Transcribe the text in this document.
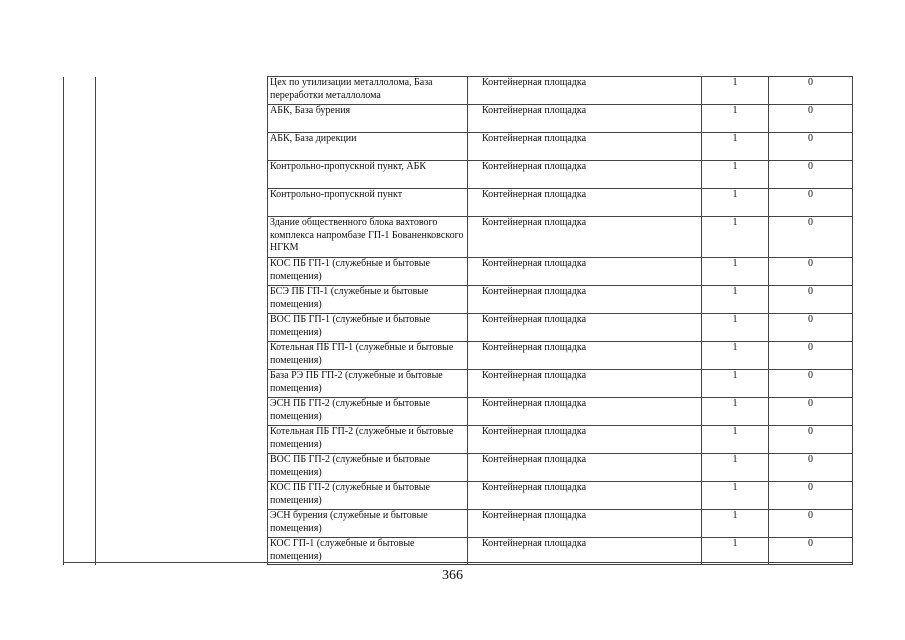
		Цех по утилизации металлолома, База переработки металлолома	Контейнерная площадка	1	0	

		АБК, База бурения	Контейнерная площадка	1	0	

		АБК, База дирекции	Контейнерная площадка	1	0	

		Контрольно-пропускной пункт, АБК	Контейнерная площадка	1	0	

		Контрольно-пропускной пункт	Контейнерная площадка	1	0	

		Здание общественного блока вахтового комплекса нaпромбазе ГП-1 Бованенковского НГКМ	Контейнерная площадка	1	0	

		КОС ПБ ГП-1 (служебные и бытовые помещения)	Контейнерная площадка	1	0	

		БСЭ ПБ ГП-1 (служебные и бытовые помещения)	Контейнерная площадка	1	0	

		ВОС ПБ ГП-1 (служебные и бытовые помещения)	Контейнерная площадка	1	0	

		Котельная ПБ ГП-1 (служебные и бытовые помещения)	Контейнерная площадка	1	0	

		База РЭ ПБ ГП-2 (служебные и бытовые помещения)	Контейнерная площадка	1	0	

		ЭСН ПБ ГП-2 (служебные и бытовые помещения)	Контейнерная площадка	1	0	

		Котельная ПБ ГП-2 (служебные и бытовые помещения)	Контейнерная площадка	1	0	

		ВОС ПБ ГП-2 (служебные и бытовые помещения)	Контейнерная площадка	1	0	

		КОС ПБ ГП-2 (служебные и бытовые помещения)	Контейнерная площадка	1	0	

		ЭСН бурения (служебные и бытовые помещения)	Контейнерная площадка	1	0	

		КОС ГП-1 (служебные и бытовые помещения)	Контейнерная площадка	1	0	
366
